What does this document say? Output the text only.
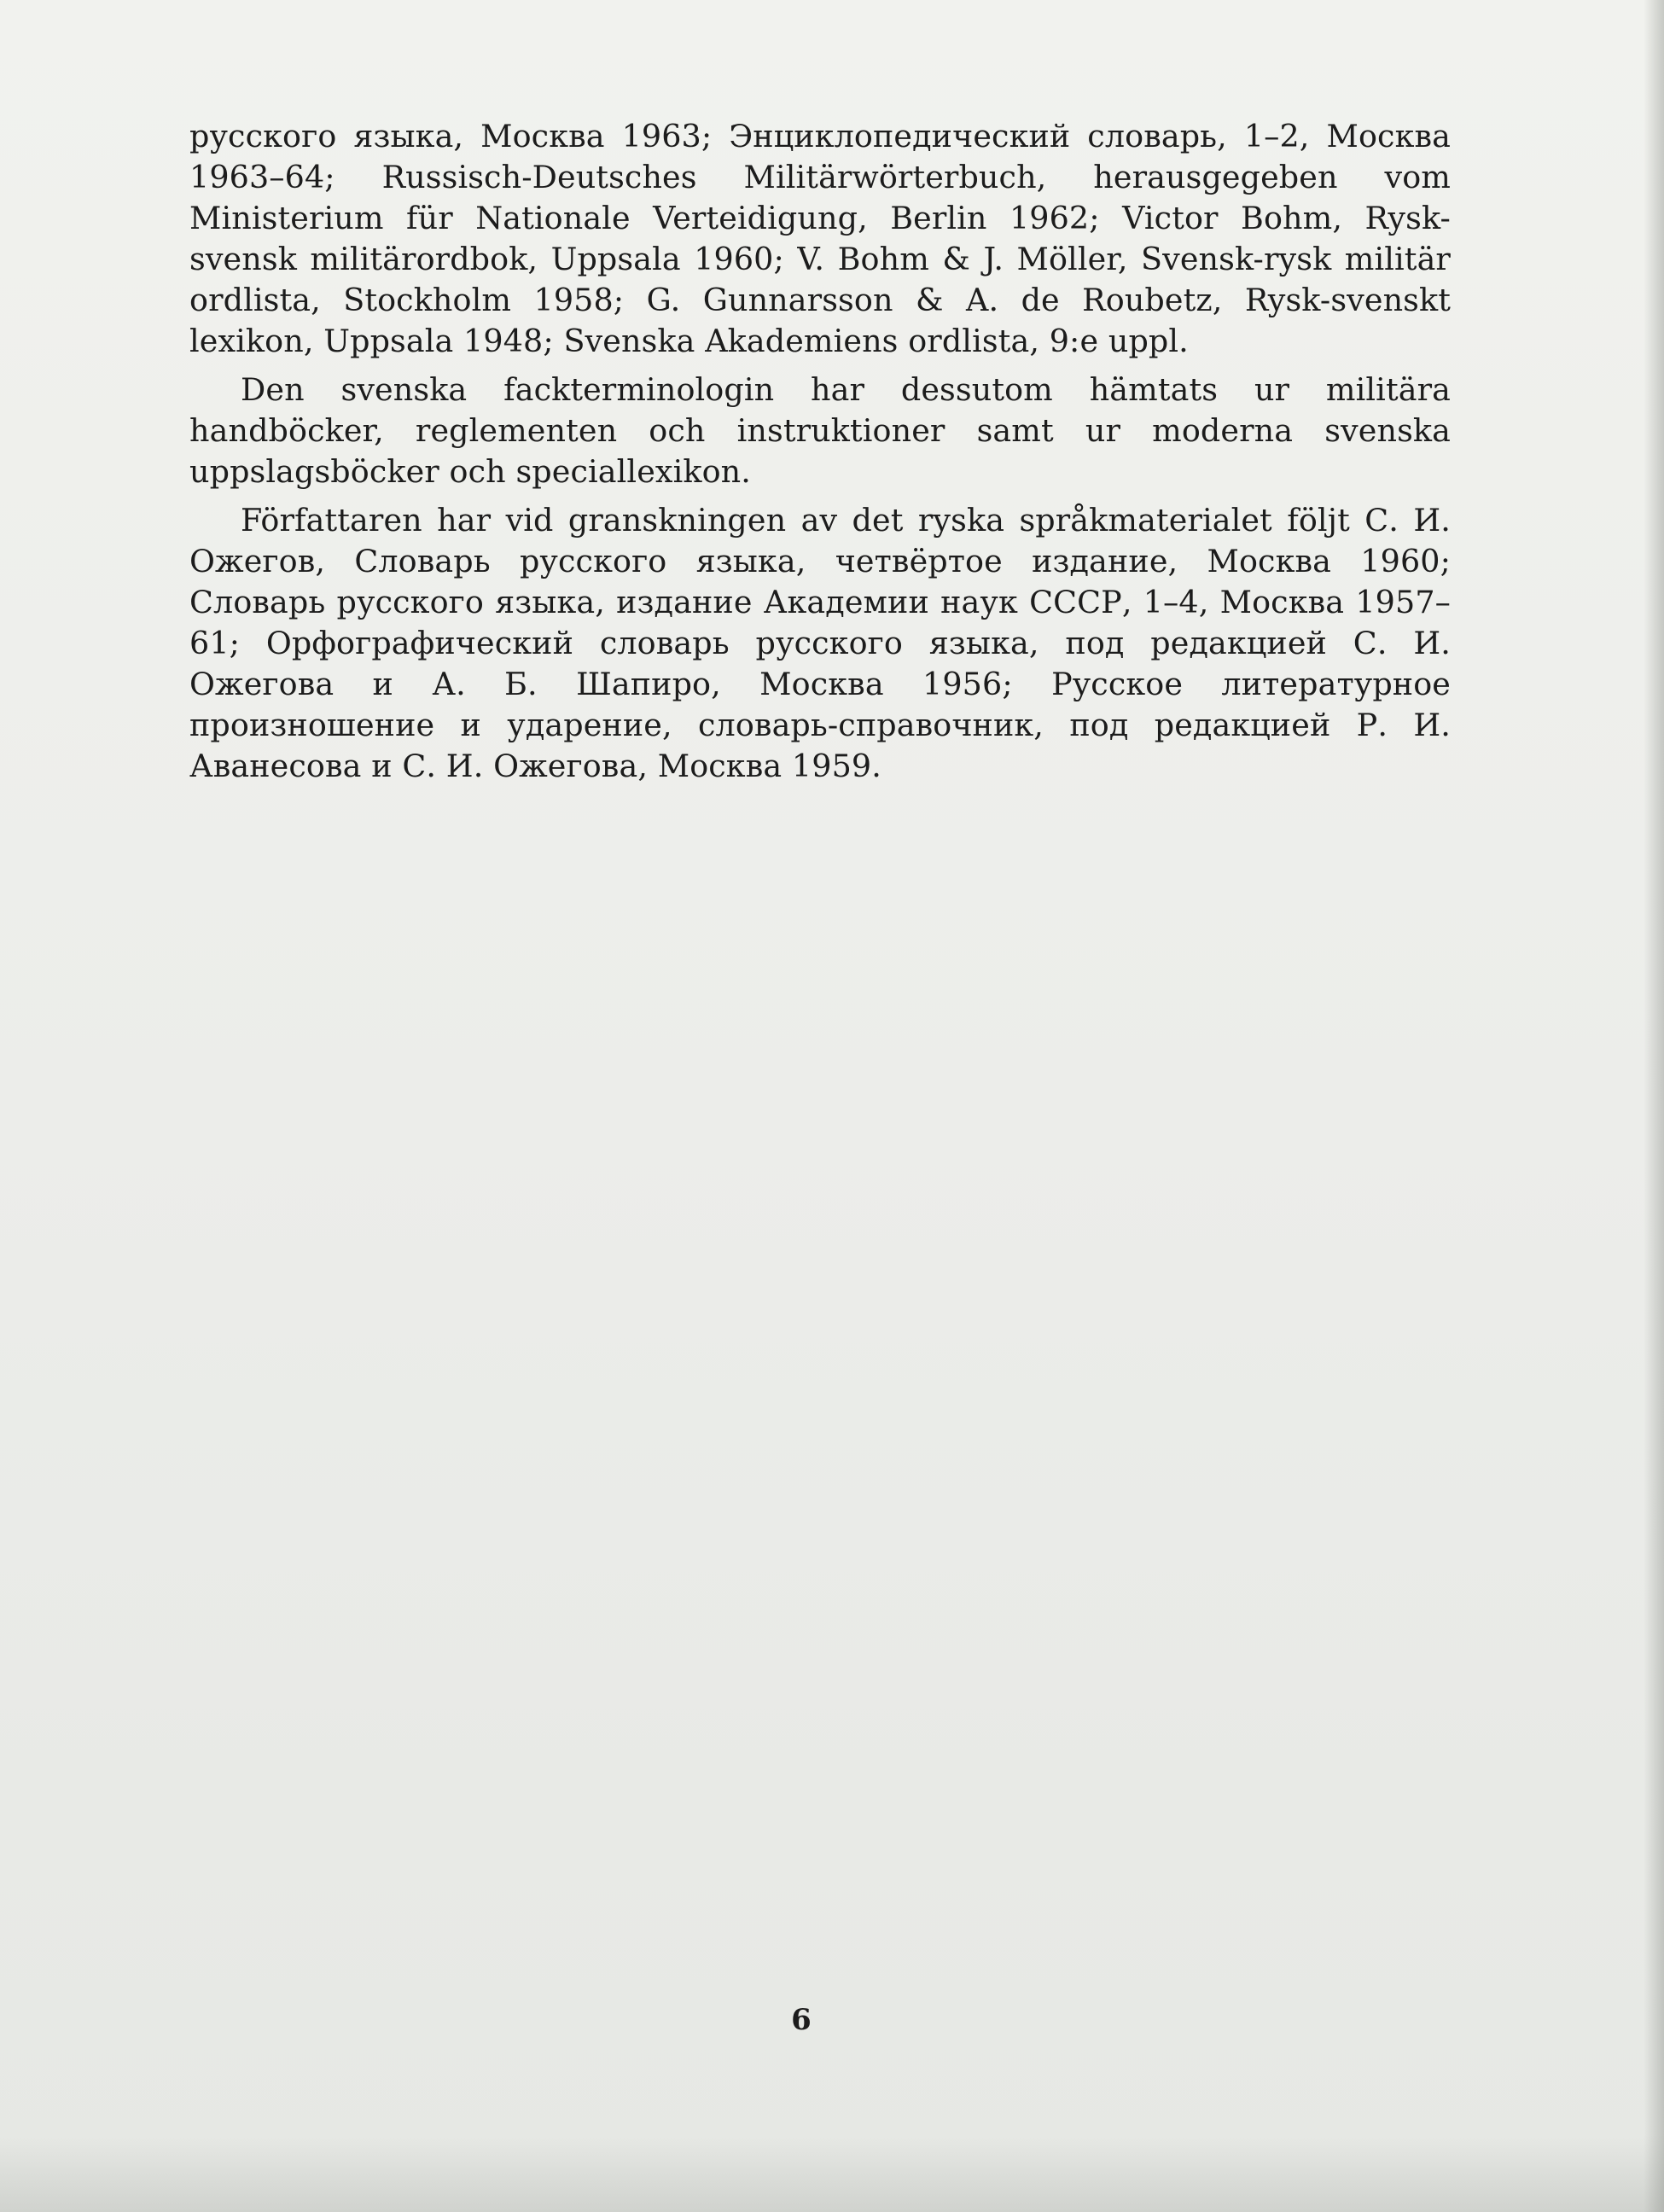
русского языка, Москва 1963; Энциклопедический словарь, 1–2, Москва 1963–64; Russisch-Deutsches Militärwörterbuch, herausgegeben vom Ministerium für Nationale Verteidigung, Berlin 1962; Victor Bohm, Rysk-svensk militärordbok, Uppsala 1960; V. Bohm & J. Möller, Svensk-rysk militär ordlista, Stockholm 1958; G. Gunnarsson & A. de Roubetz, Rysk-svenskt lexikon, Uppsala 1948; Svenska Akademiens ordlista, 9:e uppl.

Den svenska fackterminologin har dessutom hämtats ur militära handböcker, reglementen och instruktioner samt ur moderna svenska uppslagsböcker och speciallexikon.

Författaren har vid granskningen av det ryska språkmaterialet följt С. И. Ожегов, Словарь русского языка, четвёртое издание, Москва 1960; Словарь русского языка, издание Академии наук СССР, 1–4, Москва 1957–61; Орфографический словарь русского языка, под редакцией С. И. Ожегова и А. Б. Шапиро, Москва 1956; Русское литературное произношение и ударение, словарь-справочник, под редакцией Р. И. Аванесова и С. И. Ожегова, Москва 1959.

6
